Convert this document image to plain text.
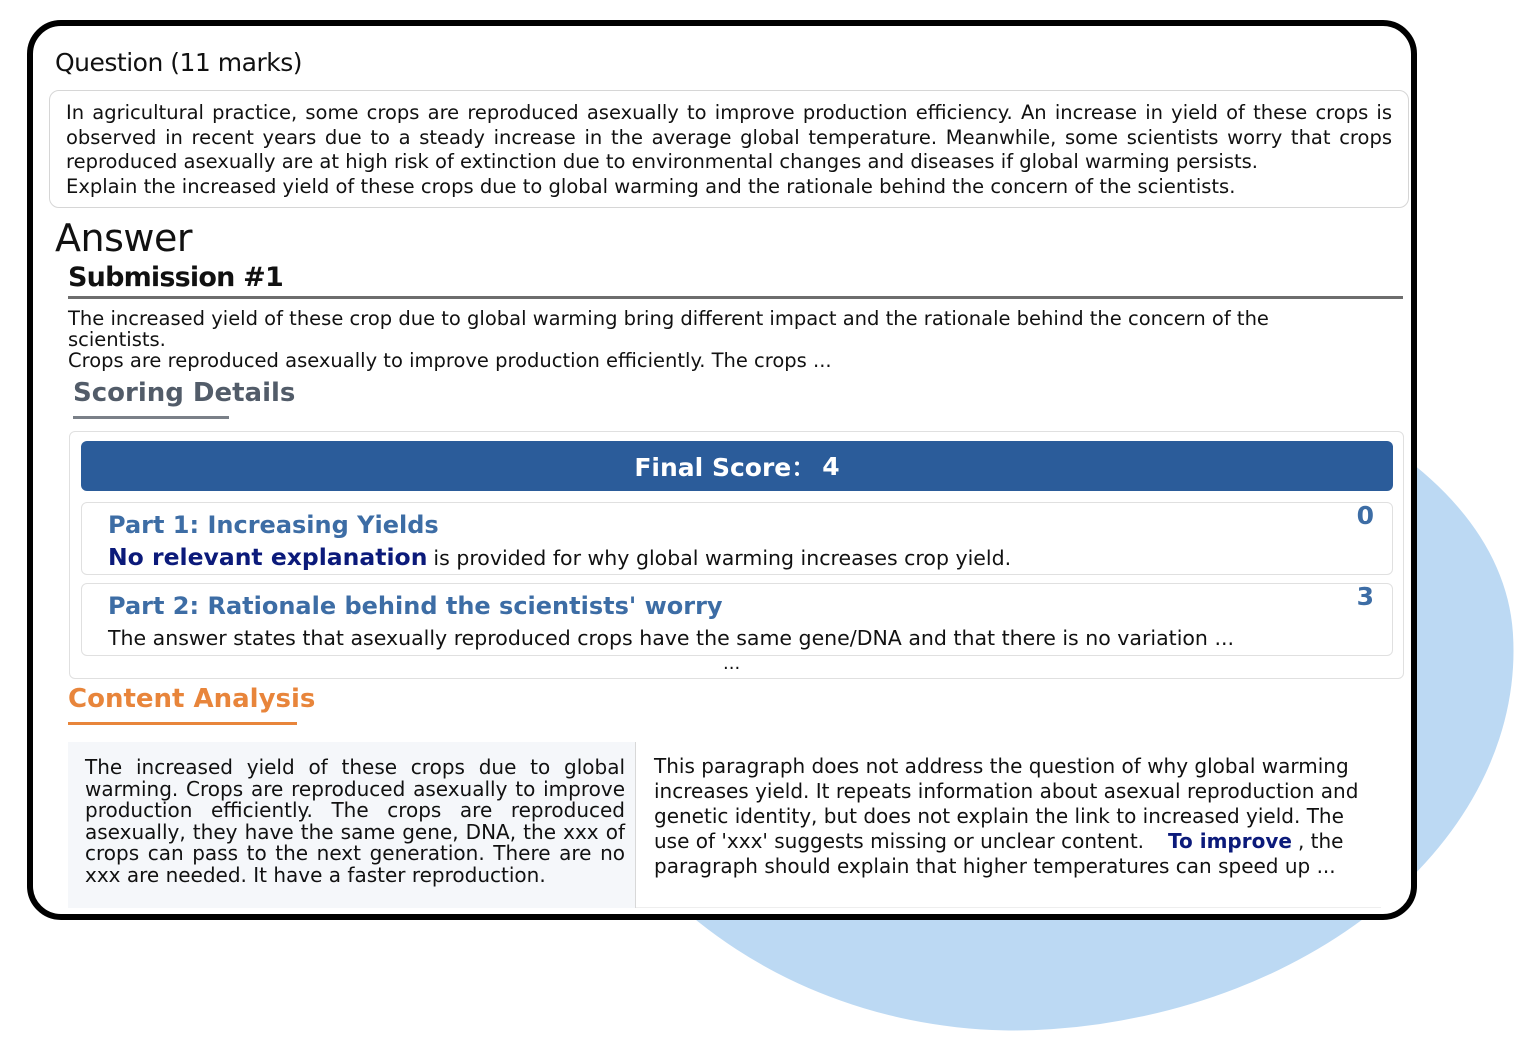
Question (11 marks)

In agricultural practice, some crops are reproduced asexually to improve production efficiency. An increase in yield of these crops is observed in recent years due to a steady increase in the average global temperature. Meanwhile, some scientists worry that crops reproduced asexually are at high risk of extinction due to environmental changes and diseases if global warming persists.

Explain the increased yield of these crops due to global warming and the rationale behind the concern of the scientists.

Answer
Submission #1

The increased yield of these crop due to global warming bring different impact and the rationale behind the concern of the scientists.

Crops are reproduced asexually to improve production efficiently. The crops ...

Scoring Details
Final Score： 4
Part 1: Increasing Yields	0
No relevant explanation is provided for why global warming increases crop yield.
Part 2: Rationale behind the scientists' worry	3
The answer states that asexually reproduced crops have the same gene/DNA and that there is no variation ...
...
Content Analysis
The increased yield of these crops due to global warming. Crops are reproduced asexually to improve production efficiently. The crops are reproduced asexually, they have the same gene, DNA, the xxx of crops can pass to the next generation. There are no xxx are needed. It have a faster reproduction.
This paragraph does not address the question of why global warming increases yield. It repeats information about asexual reproduction and genetic identity, but does not explain the link to increased yield. The use of 'xxx' suggests missing or unclear content. To improve , the paragraph should explain that higher temperatures can speed up ...
